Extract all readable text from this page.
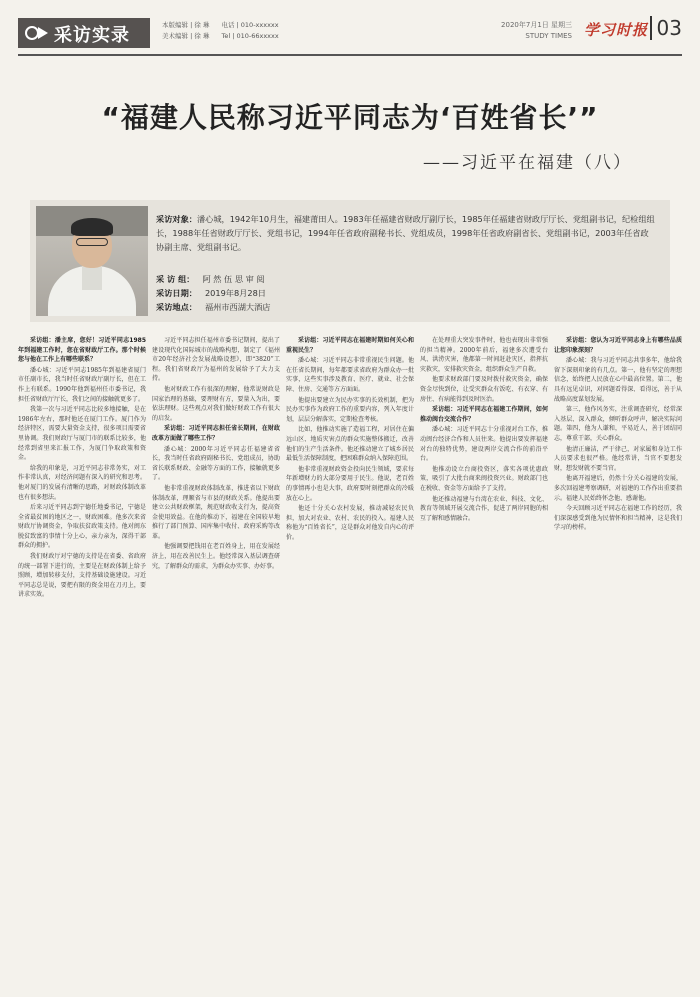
采访实录	本版编辑 | 徐 琳 电话 | 010-xxxxxx
美术编辑 | 徐 琳 Tel | 010-66xxxxx
2020年7月1日 星期三
STUDY TIMES 学习时报 03
“福建人民称习近平同志为‘百姓省长’”
——习近平在福建（八）
采访对象：潘心城，1942年10月生，福建莆田人。1983年任福建省财政厅副厅长，1985年任福建省财政厅厅长、党组副书记，纪检组组长，1988年任省财政厅厅长、党组书记，1994年任省政府副秘书长、党组成员，1998年任省政府副省长、党组副书记，2003年任省政协副主席、党组副书记。
采 访 组： 阿 然 伍 思 审 阅
采访日期： 2019年8月28日
采访地点： 福州市西湖大酒店

采访组：潘主席，您好！习近平同志1985年到福建工作时，您在省财政厅工作。那个时候您与他在工作上有哪些联系？

潘心城：习近平同志1985年到福建省厦门市任副市长，我当时任省财政厅副厅长，但在工作上有联系。1990年他到福州任市委书记，我担任省财政厅厅长，我们之间的接触就更多了。

我第一次与习近平同志比较多地接触，是在1986年左右，那时他还在厦门工作。厦门作为经济特区，需要大量资金支持，很多项目需要省里协调。我们财政厅与厦门市的联系比较多，他经常到省里来汇报工作，为厦门争取政策和资金。

给我的印象是，习近平同志非常务实，对工作非常认真，对经济问题有深入的研究和思考。他对厦门的发展有清晰的思路，对财政体制改革也有很多想法。

后来习近平同志到宁德任地委书记，宁德是全省最贫困的地区之一，财政困难。他多次来省财政厅协调资金，争取扶贫政策支持。他对闽东脱贫致富的事情十分上心，亲力亲为，深得干部群众的拥护。

我们财政厅对宁德的支持是在省委、省政府的统一部署下进行的，主要是在财政体制上给予照顾，增加转移支付，支持基础设施建设。习近平同志总是说，要把有限的资金用在刀刃上，要讲求实效。

习近平同志担任福州市委书记期间，提出了建设现代化国际城市的战略构想，制定了《福州市20年经济社会发展战略设想》，即“3820”工程。我们省财政厅为福州的发展给予了大力支持。

他对财政工作有很深的理解，他常说财政是国家治理的基础，要理财有方，要量入为出，要依法理财。这些观点对我们做好财政工作有很大的启发。

采访组：习近平同志担任省长期间，在财政改革方面做了哪些工作？

潘心城：2000年习近平同志任福建省省长，我当时任省政府副秘书长、党组成员，协助省长联系财政、金融等方面的工作，接触就更多了。

他非常重视财政体制改革，推进省以下财政体制改革，理顺省与市县的财政关系。他提出要建立公共财政框架，规范财政收支行为，提高资金使用效益。在他的推动下，福建在全国较早地推行了部门预算、国库集中收付、政府采购等改革。

他强调要把钱用在老百姓身上，用在发展经济上，用在改善民生上。他经常深入基层调查研究，了解群众的需求，为群众办实事、办好事。

采访组：习近平同志在福建时期如何关心和重视民生？

潘心城：习近平同志非常重视民生问题。他在任省长期间，每年都要求省政府为群众办一批实事，这些实事涉及教育、医疗、就业、社会保障、住房、交通等方方面面。

他提出要建立为民办实事的长效机制，把为民办实事作为政府工作的重要内容，列入年度计划，层层分解落实，定期检查考核。

比如，他推动实施了造福工程，对居住在偏远山区、地质灾害点的群众实施整体搬迁，改善他们的生产生活条件。他还推动建立了城乡居民最低生活保障制度，把困难群众纳入保障范围。

他非常重视财政资金投向民生领域，要求每年新增财力的大部分要用于民生。他说，老百姓的事情再小也是大事，政府要时刻把群众的冷暖放在心上。

他还十分关心农村发展，推动减轻农民负担，加大对农业、农村、农民的投入。福建人民称他为“百姓省长”，这是群众对他发自内心的评价。

在处理重大突发事件时，他也表现出非常强的担当精神。2000年前后，福建多次遭受台风、洪涝灾害，他都第一时间赶赴灾区，指挥抗灾救灾，安排救灾资金，组织群众生产自救。

他要求财政部门要及时拨付救灾资金，确保资金尽快到位，让受灾群众有饭吃、有衣穿、有房住、有病能得到及时医治。

采访组：习近平同志在福建工作期间，如何推动闽台交流合作？

潘心城：习近平同志十分重视对台工作，推动闽台经济合作和人员往来。他提出要发挥福建对台的独特优势，建设两岸交流合作的前沿平台。

他推动设立台商投资区，落实各项优惠政策，吸引了大批台商来闽投资兴业。财政部门也在税收、资金等方面给予了支持。

他还推动福建与台湾在农业、科技、文化、教育等领域开展交流合作，促进了两岸同胞的相互了解和感情融合。

采访组：您认为习近平同志身上有哪些品质让您印象深刻？

潘心城：我与习近平同志共事多年，他给我留下深刻印象的有几点。第一，他有坚定的理想信念，始终把人民放在心中最高位置。第二，他具有远见卓识，对问题看得深、看得远，善于从战略高度谋划发展。

第三，他作风务实，注重调查研究，经常深入基层、深入群众，倾听群众呼声，解决实际问题。第四，他为人谦和，平易近人，善于团结同志，尊重干部，关心群众。

他清正廉洁，严于律己，对家属和身边工作人员要求也很严格。他经常讲，当官不要想发财，想发财就不要当官。

他离开福建后，仍然十分关心福建的发展，多次回福建考察调研，对福建的工作作出重要指示。福建人民始终怀念他、感谢他。

今天回顾习近平同志在福建工作的经历，我们深深感受到他为民情怀和担当精神，这是我们学习的榜样。
